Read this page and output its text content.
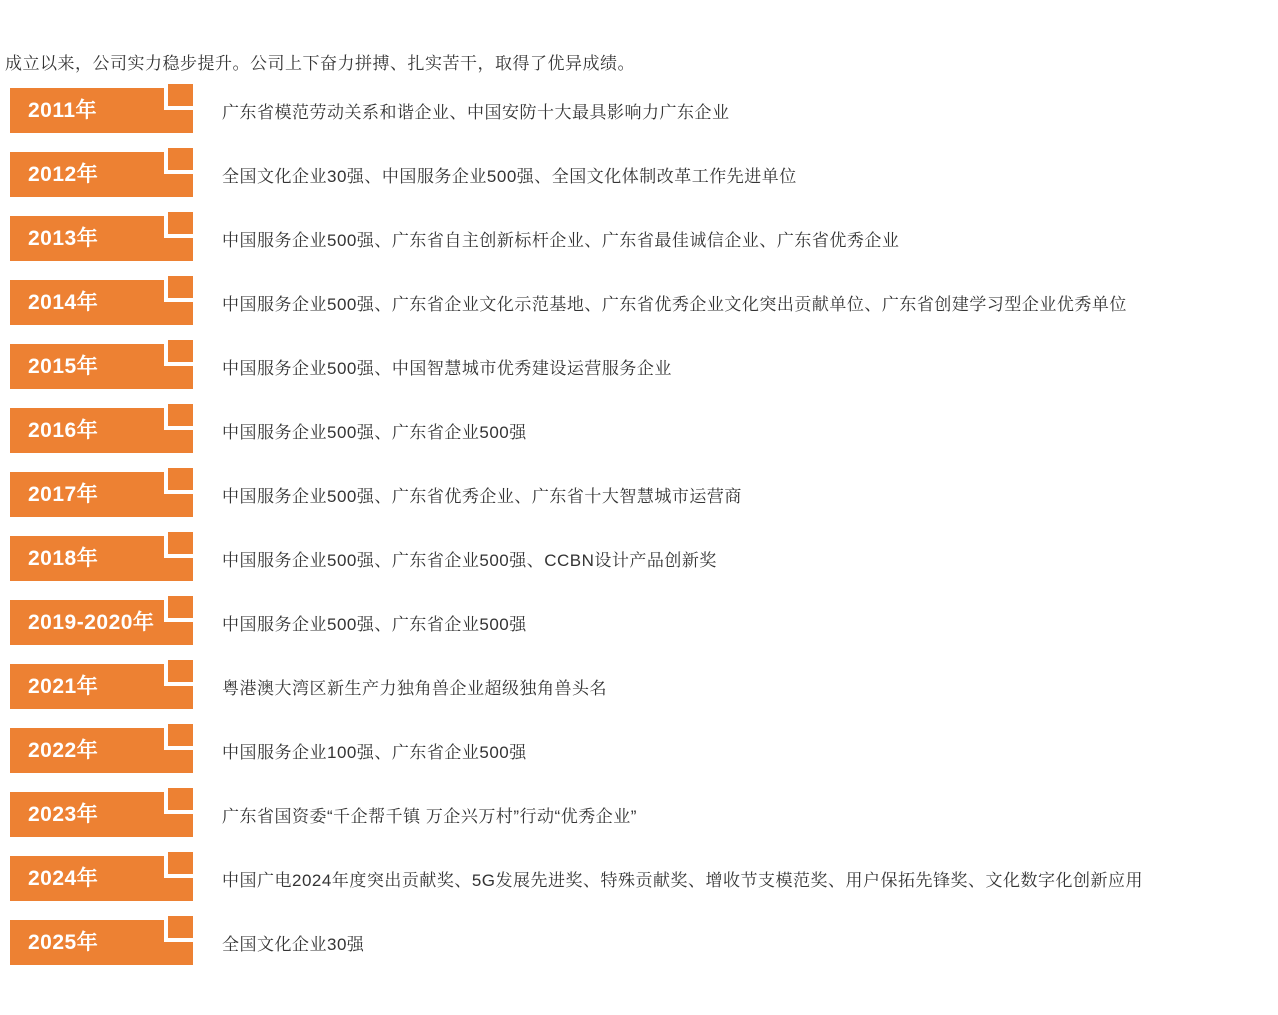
成立以来，公司实力稳步提升。公司上下奋力拼搏、扎实苦干，取得了优异成绩。

2011年	广东省模范劳动关系和谐企业、中国安防十大最具影响力广东企业
2012年	全国文化企业30强、中国服务企业500强、全国文化体制改革工作先进单位
2013年	中国服务企业500强、广东省自主创新标杆企业、广东省最佳诚信企业、广东省优秀企业
2014年	中国服务企业500强、广东省企业文化示范基地、广东省优秀企业文化突出贡献单位、广东省创建学习型企业优秀单位
2015年	中国服务企业500强、中国智慧城市优秀建设运营服务企业
2016年	中国服务企业500强、广东省企业500强
2017年	中国服务企业500强、广东省优秀企业、广东省十大智慧城市运营商
2018年	中国服务企业500强、广东省企业500强、CCBN设计产品创新奖
2019-2020年	中国服务企业500强、广东省企业500强
2021年	粤港澳大湾区新生产力独角兽企业超级独角兽头名
2022年	中国服务企业100强、广东省企业500强
2023年	广东省国资委“千企帮千镇 万企兴万村”行动“优秀企业”
2024年	中国广电2024年度突出贡献奖、5G发展先进奖、特殊贡献奖、增收节支模范奖、用户保拓先锋奖、文化数字化创新应用
2025年	全国文化企业30强
